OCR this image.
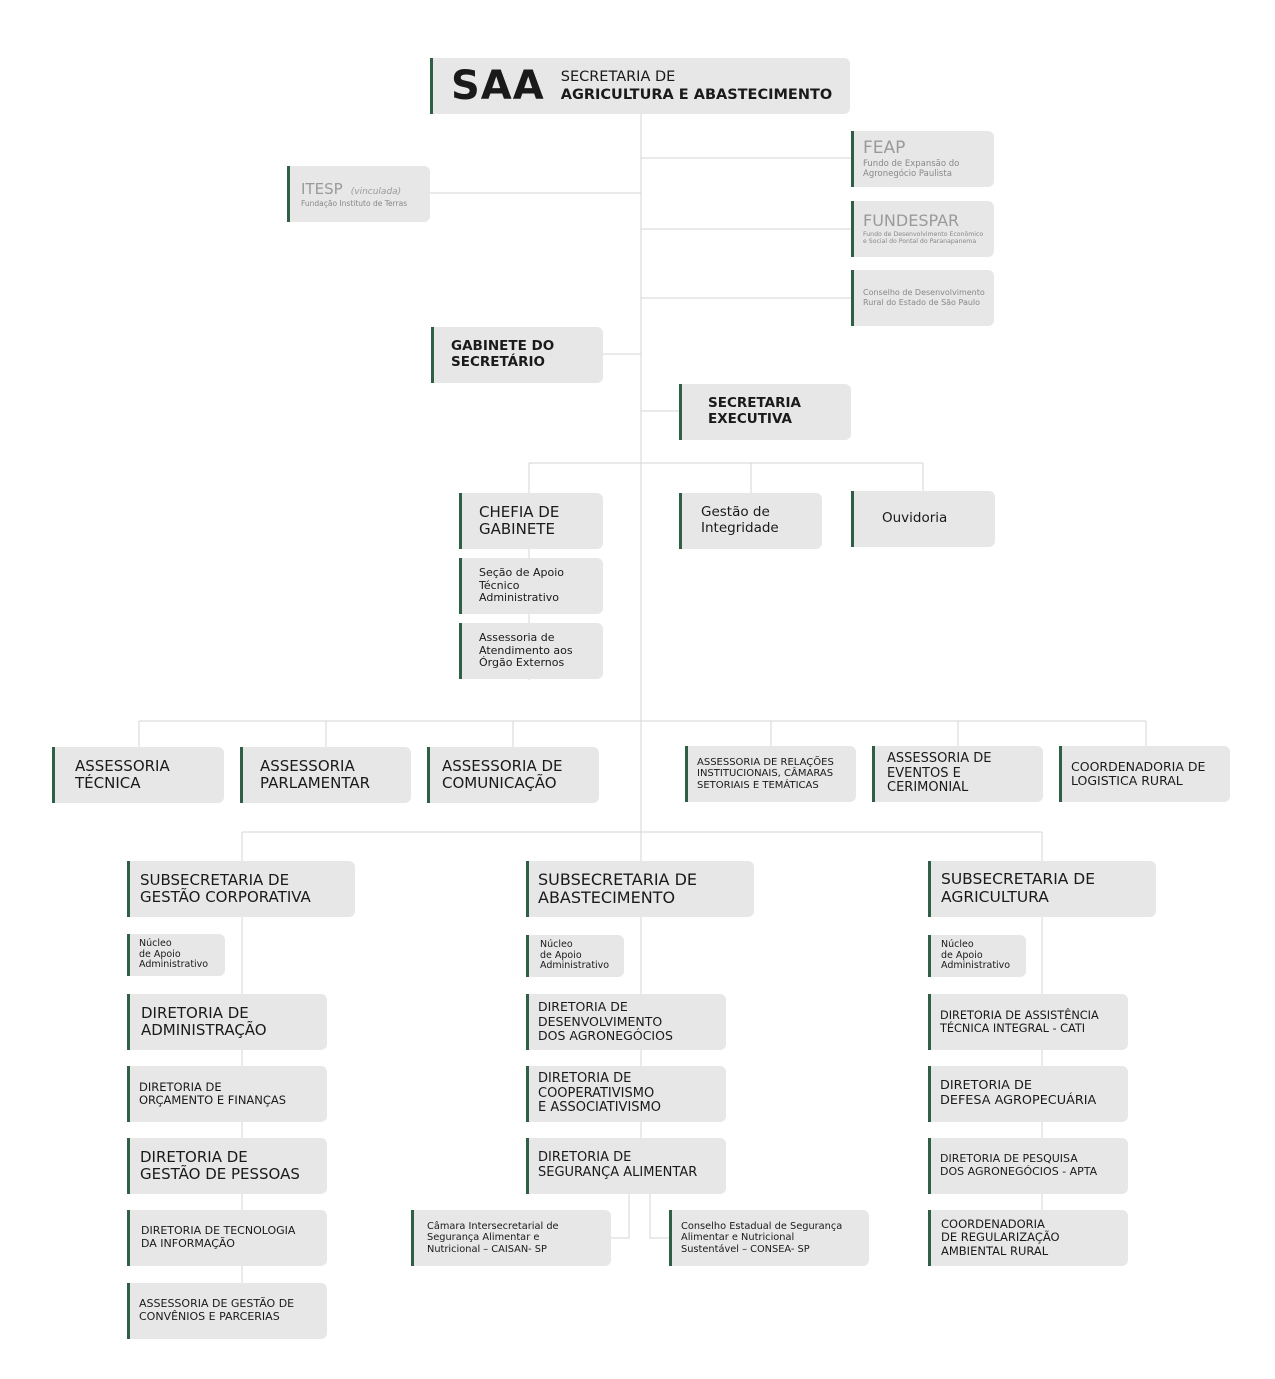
SAA SECRETARIA DE
AGRICULTURA E ABASTECIMENTO
FEAP
Fundo de Expansão do
Agronegócio Paulista
ITESP (vinculada)
Fundação Instituto de Terras
FUNDESPAR
Fundo de Desenvolvimento Econômico
e Social do Pontal do Paranapanema
Conselho de Desenvolvimento
Rural do Estado de São Paulo
GABINETE DO
SECRETÁRIO
SECRETARIA
EXECUTIVA
CHEFIA DE
GABINETE
Seção de Apoio
Técnico
Administrativo
Assessoria de
Atendimento aos
Órgão Externos
Gestão de
Integridade
Ouvidoria
ASSESSORIA
TÉCNICA
ASSESSORIA
PARLAMENTAR
ASSESSORIA DE
COMUNICAÇÃO
ASSESSORIA DE RELAÇÕES
INSTITUCIONAIS, CÂMARAS
SETORIAIS E TEMÁTICAS
ASSESSORIA DE
EVENTOS E
CERIMONIAL
COORDENADORIA DE
LOGISTICA RURAL
SUBSECRETARIA DE
GESTÃO CORPORATIVA
Núcleo
de Apoio
Administrativo
DIRETORIA DE
ADMINISTRAÇÃO
DIRETORIA DE
ORÇAMENTO E FINANÇAS
DIRETORIA DE
GESTÃO DE PESSOAS
DIRETORIA DE TECNOLOGIA
DA INFORMAÇÃO
ASSESSORIA DE GESTÃO DE
CONVÊNIOS E PARCERIAS
SUBSECRETARIA DE
ABASTECIMENTO
Núcleo
de Apoio
Administrativo
DIRETORIA DE
DESENVOLVIMENTO
DOS AGRONEGÓCIOS
DIRETORIA DE
COOPERATIVISMO
E ASSOCIATIVISMO
DIRETORIA DE
SEGURANÇA ALIMENTAR
Câmara Intersecretarial de
Segurança Alimentar e
Nutricional – CAISAN- SP
Conselho Estadual de Segurança
Alimentar e Nutricional
Sustentável – CONSEA- SP
SUBSECRETARIA DE
AGRICULTURA
Núcleo
de Apoio
Administrativo
DIRETORIA DE ASSISTÊNCIA
TÉCNICA INTEGRAL - CATI
DIRETORIA DE
DEFESA AGROPECUÁRIA
DIRETORIA DE PESQUISA
DOS AGRONEGÓCIOS - APTA
COORDENADORIA
DE REGULARIZAÇÃO
AMBIENTAL RURAL
